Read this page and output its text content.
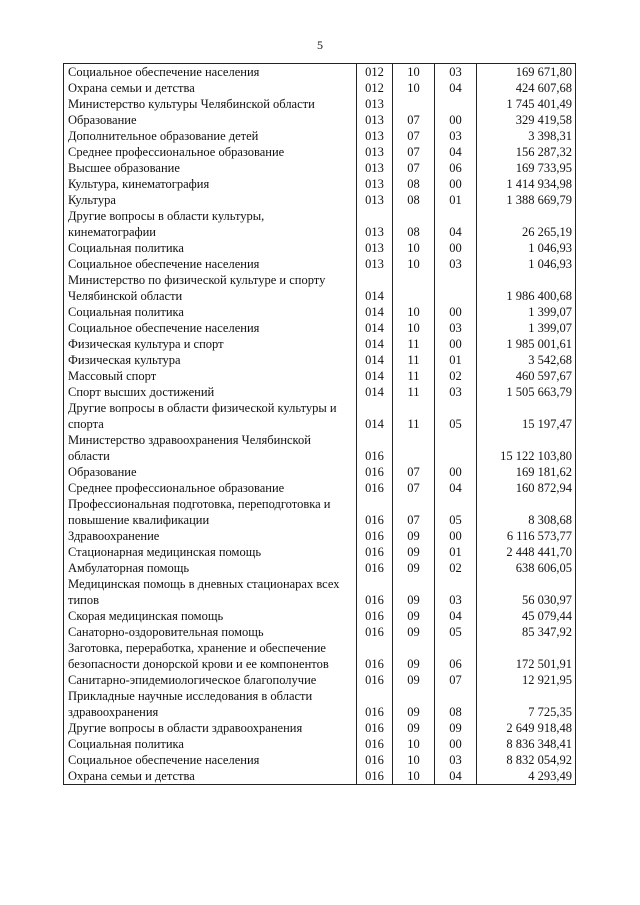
5
Социальное обеспечение населения	012	10	03	169 671,80
Охрана семьи и детства	012	10	04	424 607,68
Министерство культуры Челябинской области	013			1 745 401,49
Образование	013	07	00	329 419,58
Дополнительное образование детей	013	07	03	3 398,31
Среднее профессиональное образование	013	07	04	156 287,32
Высшее образование	013	07	06	169 733,95
Культура, кинематография	013	08	00	1 414 934,98
Культура	013	08	01	1 388 669,79
Другие вопросы в области культуры, кинематографии	013	08	04	26 265,19
Социальная политика	013	10	00	1 046,93
Социальное обеспечение населения	013	10	03	1 046,93
Министерство по физической культуре и спорту Челябинской области	014			1 986 400,68
Социальная политика	014	10	00	1 399,07
Социальное обеспечение населения	014	10	03	1 399,07
Физическая культура и спорт	014	11	00	1 985 001,61
Физическая культура	014	11	01	3 542,68
Массовый спорт	014	11	02	460 597,67
Спорт высших достижений	014	11	03	1 505 663,79
Другие вопросы в области физической культуры и спорта	014	11	05	15 197,47
Министерство здравоохранения Челябинской области	016			15 122 103,80
Образование	016	07	00	169 181,62
Среднее профессиональное образование	016	07	04	160 872,94
Профессиональная подготовка, переподготовка и повышение квалификации	016	07	05	8 308,68
Здравоохранение	016	09	00	6 116 573,77
Стационарная медицинская помощь	016	09	01	2 448 441,70
Амбулаторная помощь	016	09	02	638 606,05
Медицинская помощь в дневных стационарах всех типов	016	09	03	56 030,97
Скорая медицинская помощь	016	09	04	45 079,44
Санаторно-оздоровительная помощь	016	09	05	85 347,92
Заготовка, переработка, хранение и обеспечение безопасности донорской крови и ее компонентов	016	09	06	172 501,91
Санитарно-эпидемиологическое благополучие	016	09	07	12 921,95
Прикладные научные исследования в области здравоохранения	016	09	08	7 725,35
Другие вопросы в области здравоохранения	016	09	09	2 649 918,48
Социальная политика	016	10	00	8 836 348,41
Социальное обеспечение населения	016	10	03	8 832 054,92
Охрана семьи и детства	016	10	04	4 293,49
